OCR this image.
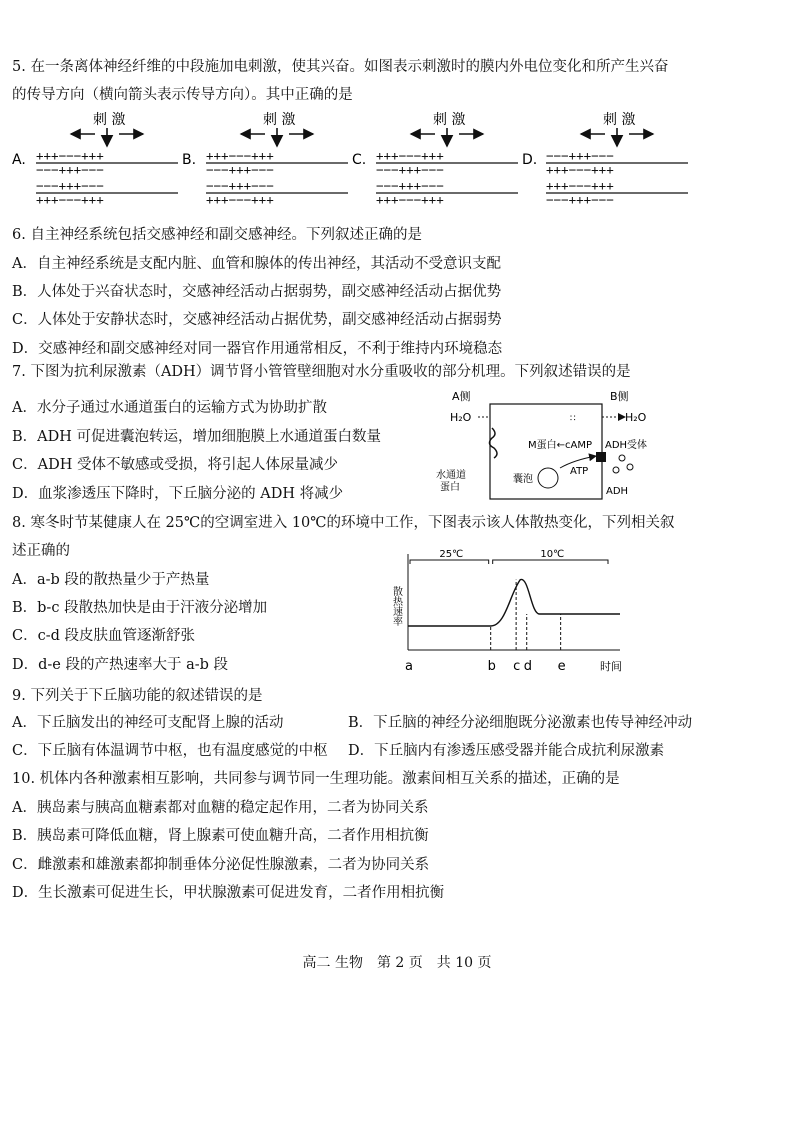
5. 在一条离体神经纤维的中段施加电刺激，使其兴奋。如图表示刺激时的膜内外电位变化和所产生兴奋
的传导方向（横向箭头表示传导方向）。其中正确的是
A.
刺 激
+++−−−+++
−−−+++−−−
−−−+++−−−
+++−−−+++
B.
刺 激
+++−−−+++
−−−+++−−−
−−−+++−−−
+++−−−+++
C.
刺 激
+++−−−+++
−−−+++−−−
−−−+++−−−
+++−−−+++
D.
刺 激
−−−+++−−−
+++−−−+++
+++−−−+++
−−−+++−−−
6. 自主神经系统包括交感神经和副交感神经。下列叙述正确的是
A．自主神经系统是支配内脏、血管和腺体的传出神经，其活动不受意识支配
B．人体处于兴奋状态时，交感神经活动占据弱势，副交感神经活动占据优势
C．人体处于安静状态时，交感神经活动占据优势，副交感神经活动占据弱势
D．交感神经和副交感神经对同一器官作用通常相反，不利于维持内环境稳态
7. 下图为抗利尿激素（ADH）调节肾小管管壁细胞对水分重吸收的部分机理。下列叙述错误的是
A．水分子通过水通道蛋白的运输方式为协助扩散
B．ADH 可促进囊泡转运，增加细胞膜上水通道蛋白数量
C．ADH 受体不敏感或受损，将引起人体尿量减少
D．血浆渗透压下降时，下丘脑分泌的 ADH 将减少
A侧	B侧
H₂O	H₂O
∷
M蛋白←cAMP ADH受体
囊泡
ATP
ADH
水通道
蛋白
8. 寒冬时节某健康人在 25℃的空调室进入 10℃的环境中工作，下图表示该人体散热变化，下列相关叙
述正确的
A．a-b 段的散热量少于产热量
B．b-c 段散热加快是由于汗液分泌增加
C．c-d 段皮肤血管逐渐舒张
D．d-e 段的产热速率大于 a-b 段
散热速率
时间
a	b c d e
25℃	10℃
9. 下列关于下丘脑功能的叙述错误的是
A．下丘脑发出的神经可支配肾上腺的活动	B．下丘脑的神经分泌细胞既分泌激素也传导神经冲动
C．下丘脑有体温调节中枢，也有温度感觉的中枢 D．下丘脑内有渗透压感受器并能合成抗利尿激素
10. 机体内各种激素相互影响，共同参与调节同一生理功能。激素间相互关系的描述，正确的是
A．胰岛素与胰高血糖素都对血糖的稳定起作用，二者为协同关系
B．胰岛素可降低血糖，肾上腺素可使血糖升高，二者作用相抗衡
C．雌激素和雄激素都抑制垂体分泌促性腺激素，二者为协同关系
D．生长激素可促进生长，甲状腺激素可促进发育，二者作用相抗衡
高二 生物　第 2 页　共 10 页
